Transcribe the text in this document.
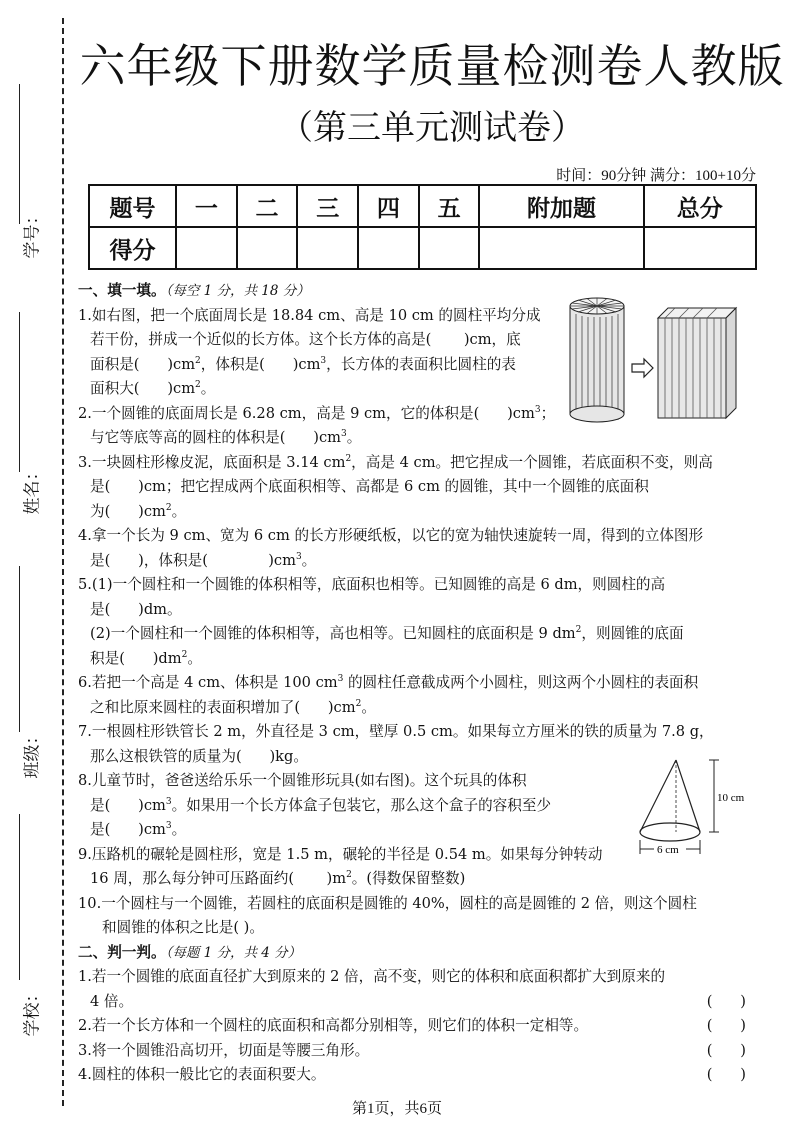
学号：
姓名：
班级：
学校：
六年级下册数学质量检测卷人教版
（第三单元测试卷）
时间：90分钟 满分：100+10分
题号	一	二	三	四	五	附加题	总分
得分							
10 cm
6 cm
一、填一填。（每空 1 分，共 18 分）
1.如右图，把一个底面周长是 18.84 cm、高是 10 cm 的圆柱平均分成
若干份，拼成一个近似的长方体。这个长方体的高是( )cm，底
面积是( )$cm^2$，体积是( )$cm^3$，长方体的表面积比圆柱的表
面积大( )$cm^2$。
2.一个圆锥的底面周长是 6.28 cm，高是 9 cm，它的体积是( )$cm^3$；
与它等底等高的圆柱的体积是( )$cm^3$。
3.一块圆柱形橡皮泥，底面积是 3.14 $cm^2$，高是 4 cm。把它捏成一个圆锥，若底面积不变，则高
是( )cm；把它捏成两个底面积相等、高都是 6 cm 的圆锥，其中一个圆锥的底面积
为( )$cm^2$。
4.拿一个长为 9 cm、宽为 6 cm 的长方形硬纸板，以它的宽为轴快速旋转一周，得到的立体图形
是( )，体积是(	)$cm^3$。
5.(1)一个圆柱和一个圆锥的体积相等，底面积也相等。已知圆锥的高是 6 dm，则圆柱的高
是( )dm。
(2)一个圆柱和一个圆锥的体积相等，高也相等。已知圆柱的底面积是 9 $dm^2$，则圆锥的底面
积是( )$dm^2$。
6.若把一个高是 4 cm、体积是 100 $cm^3$ 的圆柱任意截成两个小圆柱，则这两个小圆柱的表面积
之和比原来圆柱的表面积增加了( )$cm^2$。
7.一根圆柱形铁管长 2 m，外直径是 3 cm，壁厚 0.5 cm。如果每立方厘米的铁的质量为 7.8 g，
那么这根铁管的质量为( )kg。
8.儿童节时，爸爸送给乐乐一个圆锥形玩具(如右图)。这个玩具的体积
是( )$cm^3$。如果用一个长方体盒子包装它，那么这个盒子的容积至少
是( )$cm^3$。
9.压路机的碾轮是圆柱形，宽是 1.5 m，碾轮的半径是 0.54 m。如果每分钟转动
16 周，那么每分钟可压路面约( )$m^2$。(得数保留整数)
10.一个圆柱与一个圆锥，若圆柱的底面积是圆锥的 40%，圆柱的高是圆锥的 2 倍，则这个圆柱
和圆锥的体积之比是( )。
二、判一判。（每题 1 分，共 4 分）
1.若一个圆锥的底面直径扩大到原来的 2 倍，高不变，则它的体积和底面积都扩大到原来的

4 倍。	(      )
2.若一个长方体和一个圆柱的底面积和高都分别相等，则它们的体积一定相等。	(      )
3.将一个圆锥沿高切开，切面是等腰三角形。	(      )
4.圆柱的体积一般比它的表面积要大。	(      )
第1页，共6页
